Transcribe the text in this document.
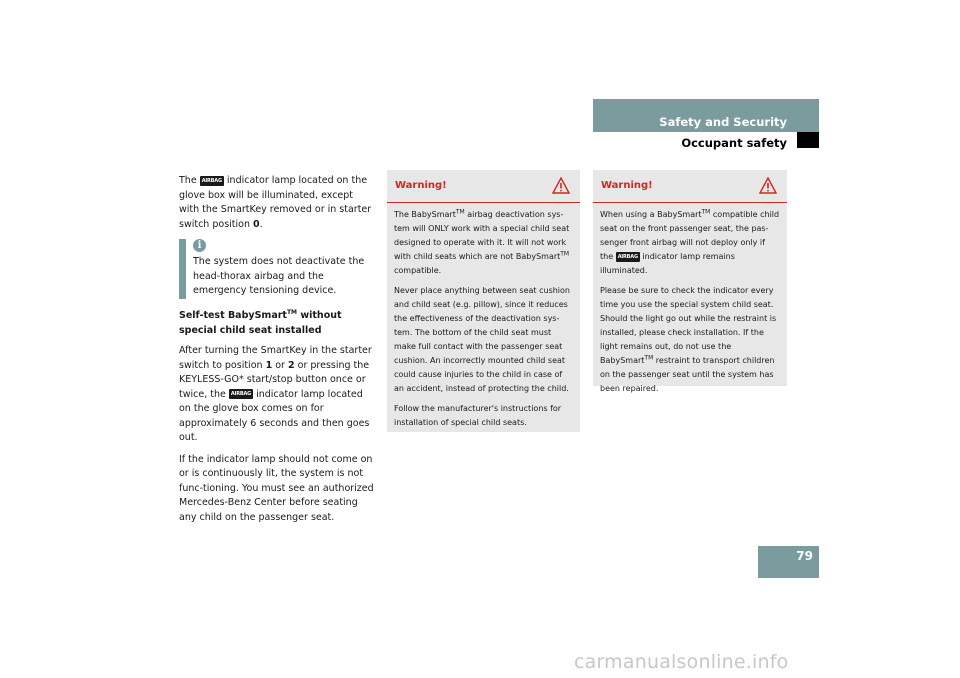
Safety and Security
Occupant safety

The AIRBAG indicator lamp located on the glove box will be illuminated, except with the SmartKey removed or in starter switch position 0.

i
The system does not deactivate the head-thorax airbag and the emergency tensioning device.
Self-test BabySmart™ without special child seat installed

After turning the SmartKey in the starter switch to position 1 or 2 or pressing the KEYLESS-GO* start/stop button once or twice, the AIRBAG indicator lamp located on the glove box comes on for approximately 6 seconds and then goes out.

If the indicator lamp should not come on or is continuously lit, the system is not func-tioning. You must see an authorized Mercedes-Benz Center before seating any child on the passenger seat.

Warning!

The BabySmart™ airbag deactivation sys-tem will ONLY work with a special child seat designed to operate with it. It will not work with child seats which are not BabySmart™ compatible.

Never place anything between seat cushion and child seat (e.g. pillow), since it reduces the effectiveness of the deactivation sys-tem. The bottom of the child seat must make full contact with the passenger seat cushion. An incorrectly mounted child seat could cause injuries to the child in case of an accident, instead of protecting the child.

Follow the manufacturer's instructions for installation of special child seats.

Warning!

When using a BabySmart™ compatible child seat on the front passenger seat, the pas-senger front airbag will not deploy only if the AIRBAG indicator lamp remains illuminated.

Please be sure to check the indicator every time you use the special system child seat. Should the light go out while the restraint is installed, please check installation. If the light remains out, do not use the BabySmart™ restraint to transport children on the passenger seat until the system has been repaired.

79
carmanualsonline.info
